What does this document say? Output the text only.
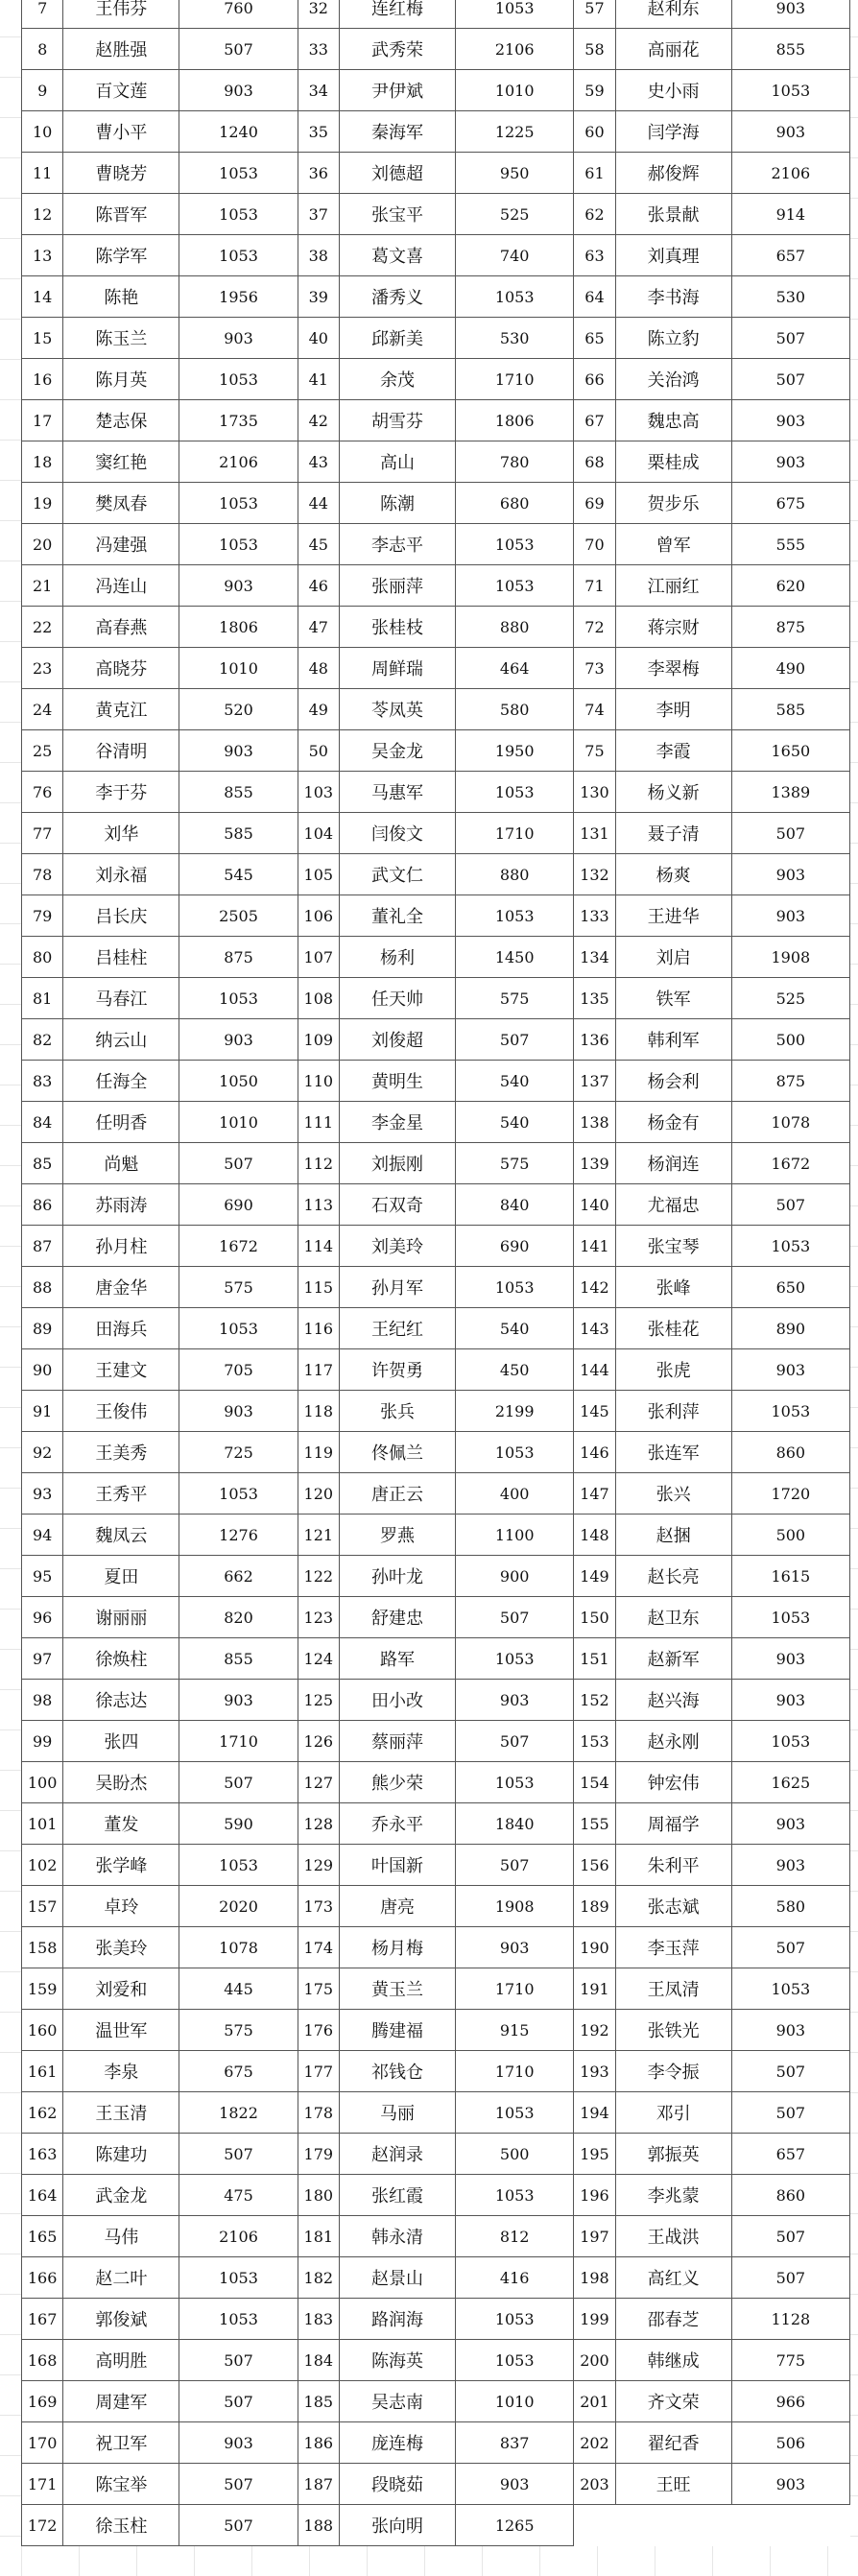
7	王伟芬	760	32	连红梅	1053	57	赵利东	903
8	赵胜强	507	33	武秀荣	2106	58	高丽花	855
9	百文莲	903	34	尹伊斌	1010	59	史小雨	1053
10	曹小平	1240	35	秦海军	1225	60	闫学海	903
11	曹晓芳	1053	36	刘德超	950	61	郝俊辉	2106
12	陈晋军	1053	37	张宝平	525	62	张景献	914
13	陈学军	1053	38	葛文喜	740	63	刘真理	657
14	陈艳	1956	39	潘秀义	1053	64	李书海	530
15	陈玉兰	903	40	邱新美	530	65	陈立豹	507
16	陈月英	1053	41	余茂	1710	66	关治鸿	507
17	楚志保	1735	42	胡雪芬	1806	67	魏忠高	903
18	窦红艳	2106	43	高山	780	68	栗桂成	903
19	樊凤春	1053	44	陈潮	680	69	贺步乐	675
20	冯建强	1053	45	李志平	1053	70	曾军	555
21	冯连山	903	46	张丽萍	1053	71	江丽红	620
22	高春燕	1806	47	张桂枝	880	72	蒋宗财	875
23	高晓芬	1010	48	周鲜瑞	464	73	李翠梅	490
24	黄克江	520	49	苓凤英	580	74	李明	585
25	谷清明	903	50	吴金龙	1950	75	李霞	1650
76	李于芬	855	103	马惠军	1053	130	杨义新	1389
77	刘华	585	104	闫俊文	1710	131	聂子清	507
78	刘永福	545	105	武文仁	880	132	杨爽	903
79	吕长庆	2505	106	董礼全	1053	133	王进华	903
80	吕桂柱	875	107	杨利	1450	134	刘启	1908
81	马春江	1053	108	任天帅	575	135	铁军	525
82	纳云山	903	109	刘俊超	507	136	韩利军	500
83	任海全	1050	110	黄明生	540	137	杨会利	875
84	任明香	1010	111	李金星	540	138	杨金有	1078
85	尚魁	507	112	刘振刚	575	139	杨润连	1672
86	苏雨涛	690	113	石双奇	840	140	尤福忠	507
87	孙月柱	1672	114	刘美玲	690	141	张宝琴	1053
88	唐金华	575	115	孙月军	1053	142	张峰	650
89	田海兵	1053	116	王纪红	540	143	张桂花	890
90	王建文	705	117	许贺勇	450	144	张虎	903
91	王俊伟	903	118	张兵	2199	145	张利萍	1053
92	王美秀	725	119	佟佩兰	1053	146	张连军	860
93	王秀平	1053	120	唐正云	400	147	张兴	1720
94	魏凤云	1276	121	罗燕	1100	148	赵捆	500
95	夏田	662	122	孙叶龙	900	149	赵长亮	1615
96	谢丽丽	820	123	舒建忠	507	150	赵卫东	1053
97	徐焕柱	855	124	路军	1053	151	赵新军	903
98	徐志达	903	125	田小改	903	152	赵兴海	903
99	张四	1710	126	蔡丽萍	507	153	赵永刚	1053
100	吴盼杰	507	127	熊少荣	1053	154	钟宏伟	1625
101	董发	590	128	乔永平	1840	155	周福学	903
102	张学峰	1053	129	叶国新	507	156	朱利平	903
157	卓玲	2020	173	唐亮	1908	189	张志斌	580
158	张美玲	1078	174	杨月梅	903	190	李玉萍	507
159	刘爱和	445	175	黄玉兰	1710	191	王凤清	1053
160	温世军	575	176	腾建福	915	192	张铁光	903
161	李泉	675	177	祁钱仓	1710	193	李令振	507
162	王玉清	1822	178	马丽	1053	194	邓引	507
163	陈建功	507	179	赵润录	500	195	郭振英	657
164	武金龙	475	180	张红霞	1053	196	李兆蒙	860
165	马伟	2106	181	韩永清	812	197	王战洪	507
166	赵二叶	1053	182	赵景山	416	198	高红义	507
167	郭俊斌	1053	183	路润海	1053	199	邵春芝	1128
168	高明胜	507	184	陈海英	1053	200	韩继成	775
169	周建军	507	185	吴志南	1010	201	齐文荣	966
170	祝卫军	903	186	庞连梅	837	202	翟纪香	506
171	陈宝举	507	187	段晓茹	903	203	王旺	903
172	徐玉柱	507	188	张向明	1265			
